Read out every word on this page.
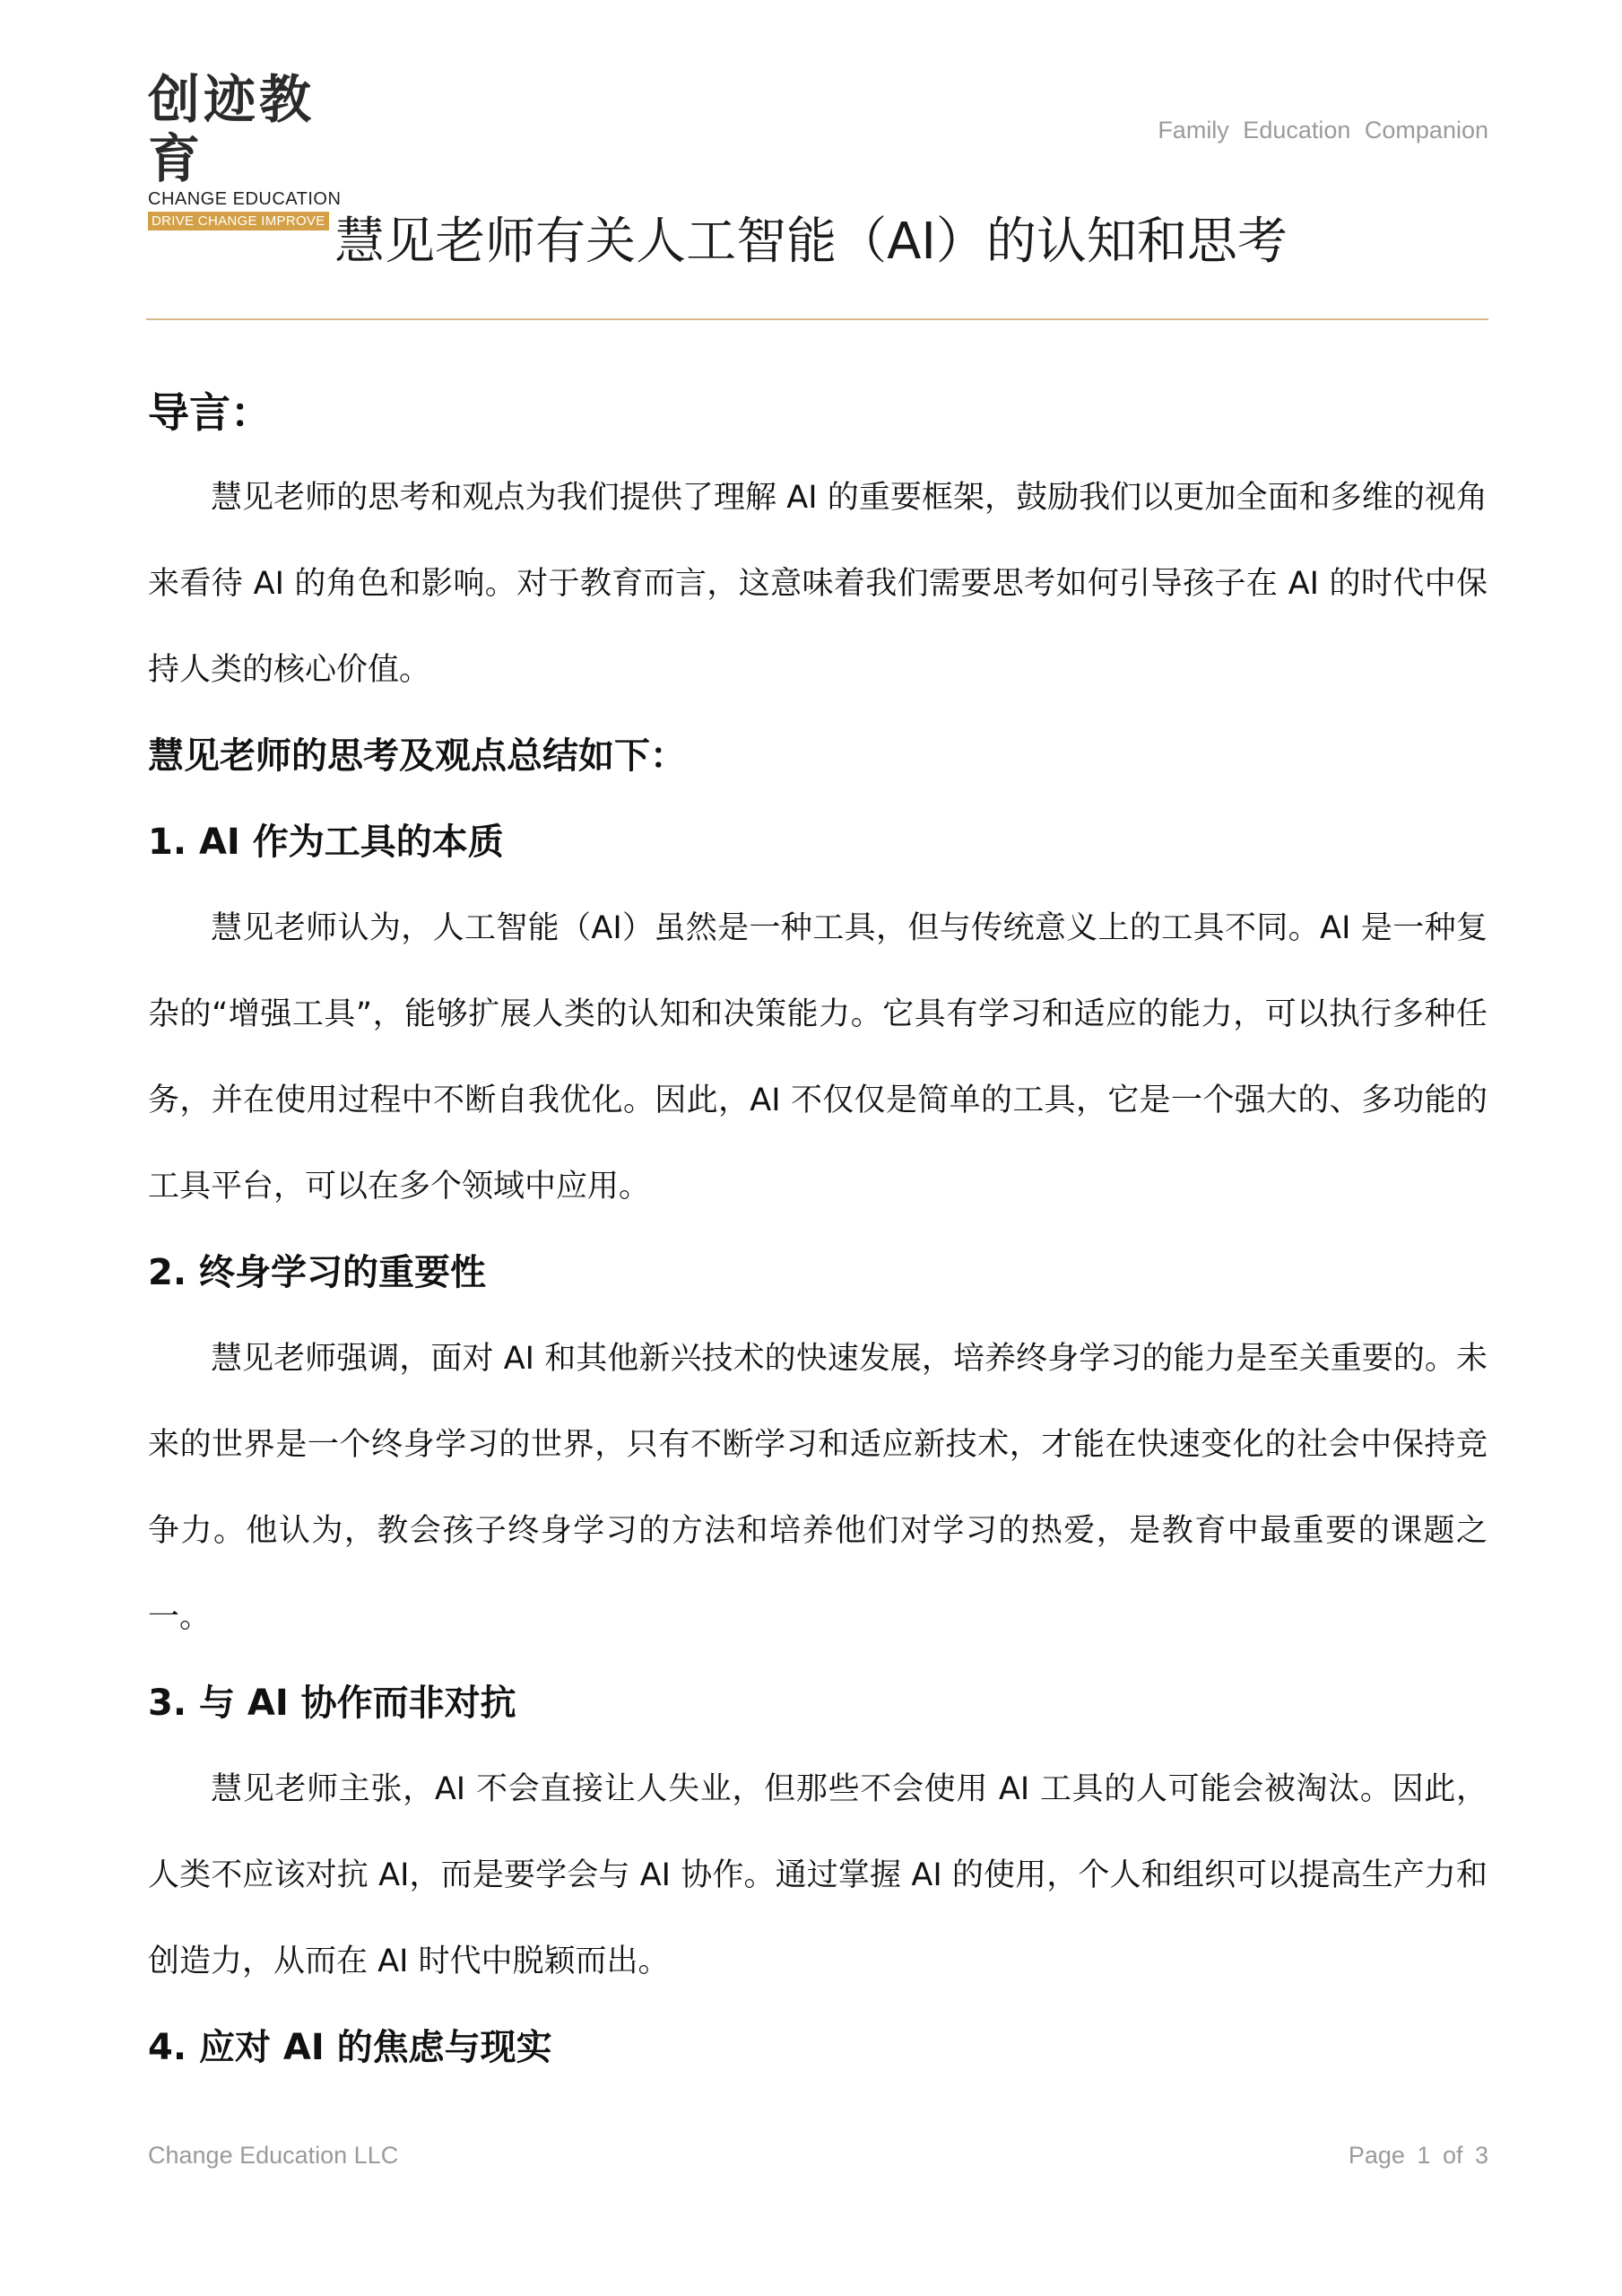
创迹教育
CHANGE EDUCATION
DRIVE CHANGE IMPROVE
Family Education Companion
慧见老师有关人工智能（AI）的认知和思考
导言：

慧见老师的思考和观点为我们提供了理解 AI 的重要框架，鼓励我们以更加全面和多维的视角来看待 AI 的角色和影响。对于教育而言，这意味着我们需要思考如何引导孩子在 AI 的时代中保持人类的核心价值。

慧见老师的思考及观点总结如下：
1. AI 作为工具的本质

慧见老师认为，人工智能（AI）虽然是一种工具，但与传统意义上的工具不同。AI 是一种复杂的“增强工具”，能够扩展人类的认知和决策能力。它具有学习和适应的能力，可以执行多种任务，并在使用过程中不断自我优化。因此，AI 不仅仅是简单的工具，它是一个强大的、多功能的工具平台，可以在多个领域中应用。

2. 终身学习的重要性

慧见老师强调，面对 AI 和其他新兴技术的快速发展，培养终身学习的能力是至关重要的。未来的世界是一个终身学习的世界，只有不断学习和适应新技术，才能在快速变化的社会中保持竞争力。他认为，教会孩子终身学习的方法和培养他们对学习的热爱，是教育中最重要的课题之一。

3. 与 AI 协作而非对抗

慧见老师主张，AI 不会直接让人失业，但那些不会使用 AI 工具的人可能会被淘汰。因此，人类不应该对抗 AI，而是要学会与 AI 协作。通过掌握 AI 的使用，个人和组织可以提高生产力和创造力，从而在 AI 时代中脱颖而出。

4. 应对 AI 的焦虑与现实
Change Education LLC	Page 1 of 3
